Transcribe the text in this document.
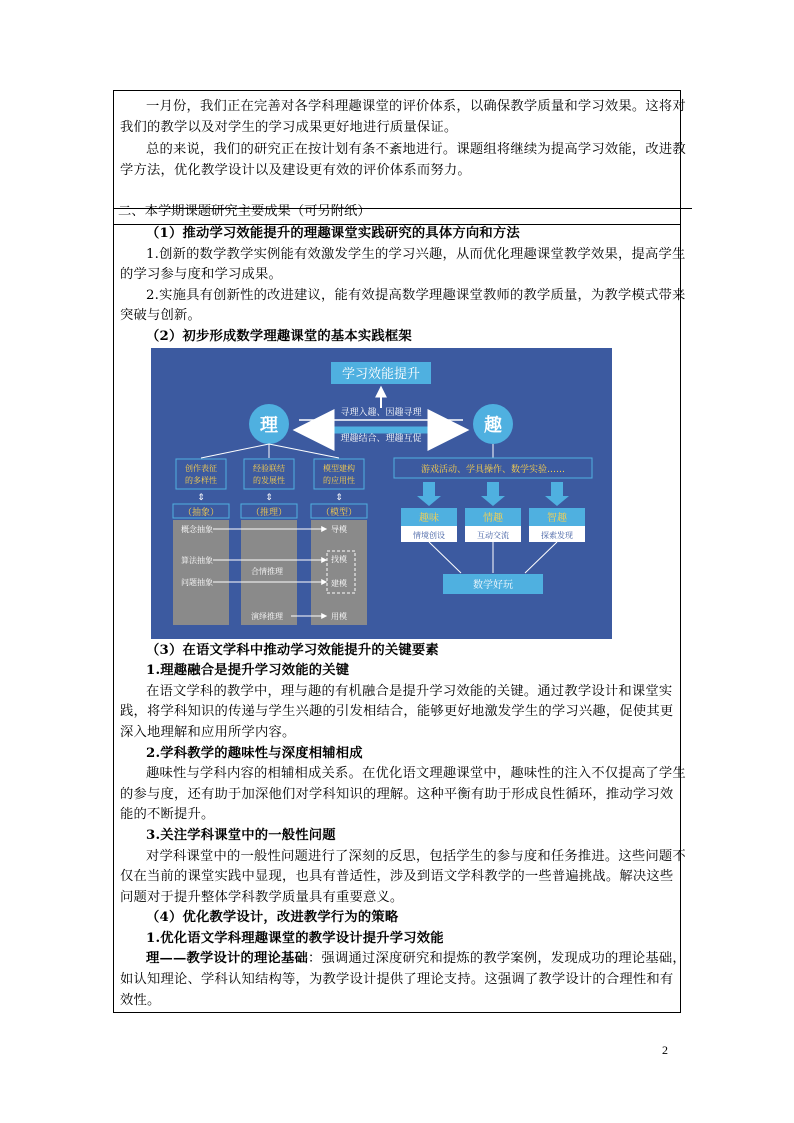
一月份，我们正在完善对各学科理趣课堂的评价体系，以确保教学质量和学习效果。这将对我们的教学以及对学生的学习成果更好地进行质量保证。

总的来说，我们的研究正在按计划有条不紊地进行。课题组将继续为提高学习效能，改进教学方法，优化教学设计以及建设更有效的评价体系而努力。

二、本学期课题研究主要成果（可另附纸）

（1）推动学习效能提升的理趣课堂实践研究的具体方向和方法

1.创新的数学教学实例能有效激发学生的学习兴趣，从而优化理趣课堂教学效果，提高学生的学习参与度和学习成果。

2.实施具有创新性的改进建议，能有效提高数学理趣课堂教师的教学质量，为教学模式带来突破与创新。

（2）初步形成数学理趣课堂的基本实践框架

（3）在语文学科中推动学习效能提升的关键要素

1.理趣融合是提升学习效能的关键

在语文学科的教学中，理与趣的有机融合是提升学习效能的关键。通过教学设计和课堂实践，将学科知识的传递与学生兴趣的引发相结合，能够更好地激发学生的学习兴趣，促使其更深入地理解和应用所学内容。

2.学科教学的趣味性与深度相辅相成

趣味性与学科内容的相辅相成关系。在优化语文理趣课堂中，趣味性的注入不仅提高了学生的参与度，还有助于加深他们对学科知识的理解。这种平衡有助于形成良性循环，推动学习效能的不断提升。

3.关注学科课堂中的一般性问题

对学科课堂中的一般性问题进行了深刻的反思，包括学生的参与度和任务推进。这些问题不仅在当前的课堂实践中显现，也具有普适性，涉及到语文学科教学的一些普遍挑战。解决这些问题对于提升整体学科教学质量具有重要意义。

（4）优化教学设计，改进教学行为的策略

1.优化语文学科理趣课堂的教学设计提升学习效能

理——教学设计的理论基础：强调通过深度研究和提炼的教学案例，发现成功的理论基础，如认知理论、学科认知结构等，为教学设计提供了理论支持。这强调了教学设计的合理性和有效性。

学习效能提升
理	趣
寻理入趣、因趣寻理
理趣结合、理趣互促
创作表征
的多样性
经验联结
的发展性
模型建构
的应用性
⇕	⇕	⇕
（抽象）	（推理）	（模型）
概念抽象
算法抽象
问题抽象
合情推理
演绎推理
导模
找模
建模
用模
游戏活动、学具操作、数学实验……
趣味
情境创设
情趣
互动交流
智趣
探索发现
数学好玩
2
